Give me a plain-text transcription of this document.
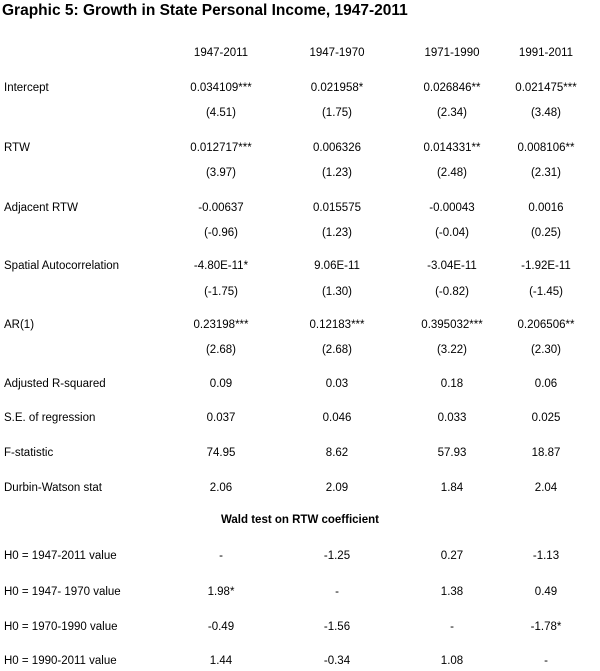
Graphic 5: Growth in State Personal Income, 1947-2011
1947-2011	1947-1970	1971-1990	1991-2011
Intercept	0.034109***	0.021958*	0.026846**	0.021475***
(4.51)	(1.75)	(2.34)	(3.48)
RTW	0.012717***	0.006326	0.014331**	0.008106**
(3.97)	(1.23)	(2.48)	(2.31)
Adjacent RTW	-0.00637	0.015575	-0.00043	0.0016
(-0.96)	(1.23)	(-0.04)	(0.25)
Spatial Autocorrelation	-4.80E-11*	9.06E-11	-3.04E-11	-1.92E-11
(-1.75)	(1.30)	(-0.82)	(-1.45)
AR(1)	0.23198***	0.12183***	0.395032***	0.206506**
(2.68)	(2.68)	(3.22)	(2.30)
Adjusted R-squared	0.09	0.03	0.18	0.06
S.E. of regression	0.037	0.046	0.033	0.025
F-statistic	74.95	8.62	57.93	18.87
Durbin-Watson stat	2.06	2.09	1.84	2.04
Wald test on RTW coefficient
H0 = 1947-2011 value	-	-1.25	0.27	-1.13
H0 = 1947- 1970 value	1.98*	-	1.38	0.49
H0 = 1970-1990 value	-0.49	-1.56	-	-1.78*
H0 = 1990-2011 value	1.44	-0.34	1.08	-
